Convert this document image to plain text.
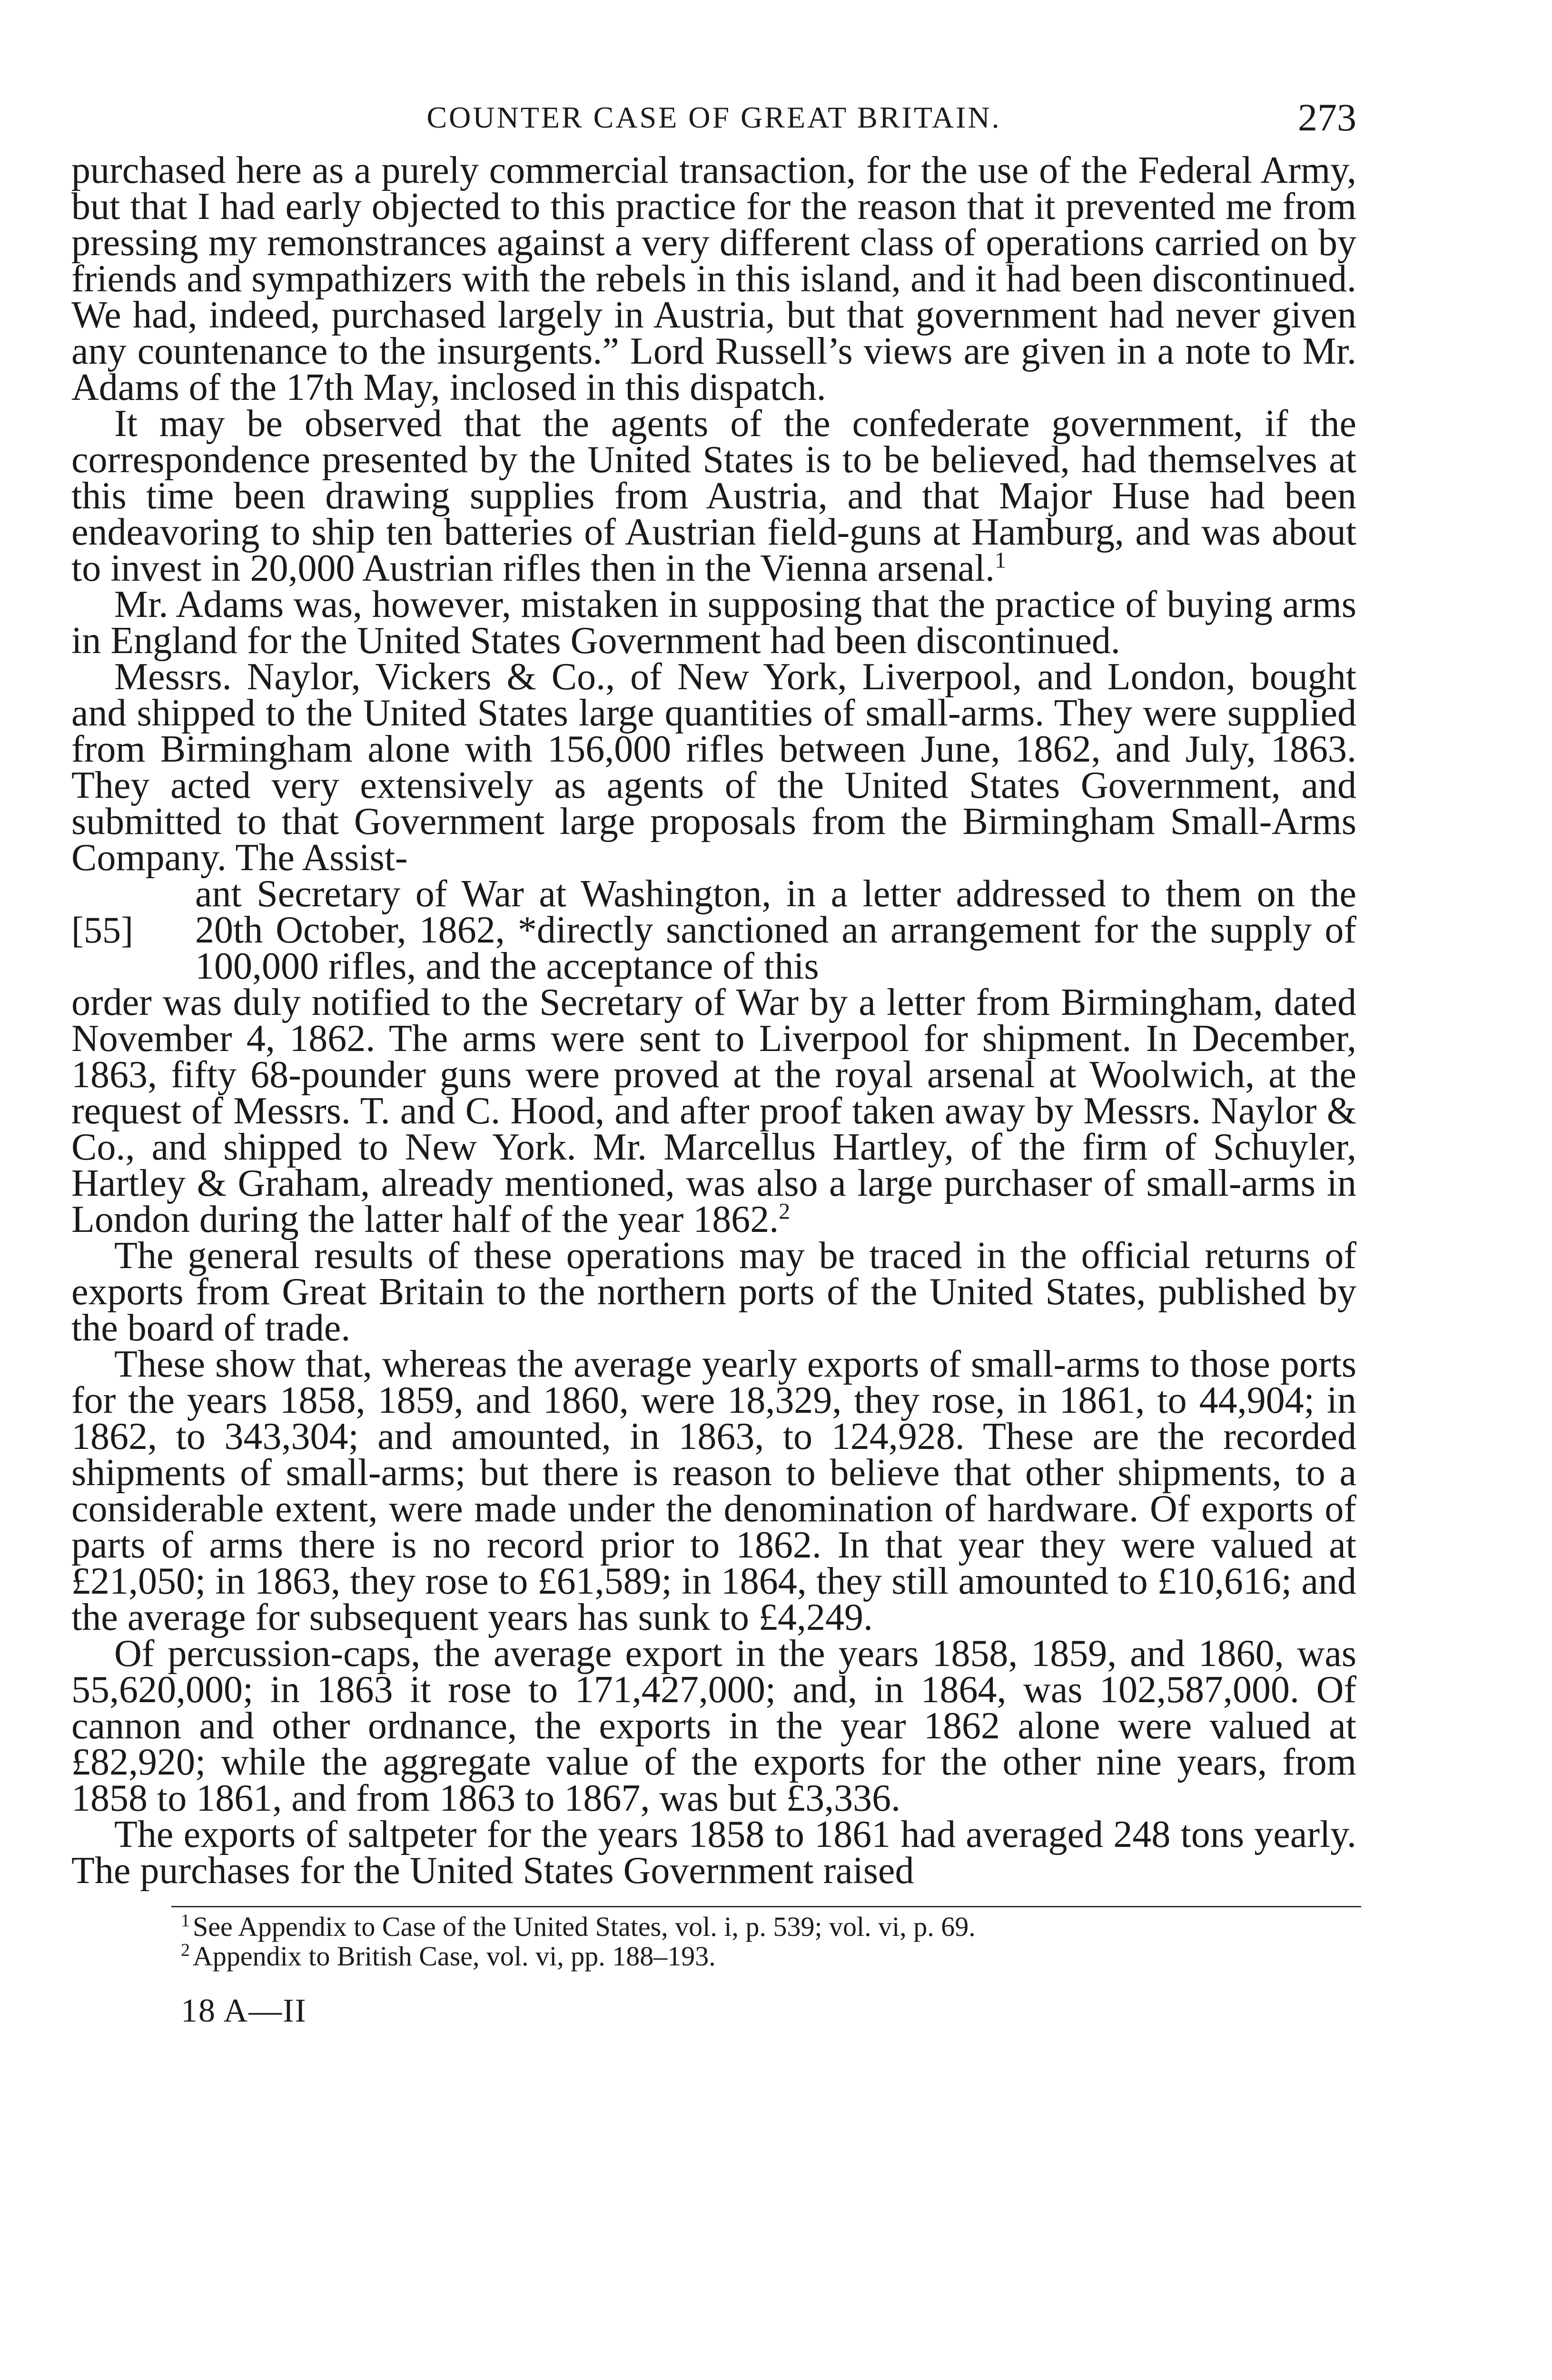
COUNTER CASE OF GREAT BRITAIN.	273

purchased here as a purely commercial transaction, for the use of the Federal Army, but that I had early objected to this practice for the reason that it prevented me from pressing my remonstrances against a very different class of operations carried on by friends and sympathizers with the rebels in this island, and it had been discontinued. We had, indeed, purchased largely in Austria, but that government had never given any countenance to the insurgents.” Lord Russell’s views are given in a note to Mr. Adams of the 17th May, inclosed in this dispatch.

It may be observed that the agents of the confederate government, if the correspondence presented by the United States is to be believed, had themselves at this time been drawing supplies from Austria, and that Major Huse had been endeavoring to ship ten batteries of Austrian field-guns at Hamburg, and was about to invest in 20,000 Austrian rifles then in the Vienna arsenal.$^1$

Mr. Adams was, however, mistaken in supposing that the practice of buying arms in England for the United States Government had been discontinued.

Messrs. Naylor, Vickers & Co., of New York, Liverpool, and London, bought and shipped to the United States large quantities of small-arms. They were supplied from Birmingham alone with 156,000 rifles between June, 1862, and July, 1863. They acted very extensively as agents of the United States Government, and submitted to that Government large proposals from the Birmingham Small-Arms Company. The Assist-

[55]
ant Secretary of War at Washington, in a letter addressed to them on the 20th October, 1862, *directly sanctioned an arrangement for the supply of 100,000 rifles, and the acceptance of this

order was duly notified to the Secretary of War by a letter from Birmingham, dated November 4, 1862. The arms were sent to Liverpool for shipment. In December, 1863, fifty 68-pounder guns were proved at the royal arsenal at Woolwich, at the request of Messrs. T. and C. Hood, and after proof taken away by Messrs. Naylor & Co., and shipped to New York. Mr. Marcellus Hartley, of the firm of Schuyler, Hartley & Graham, already mentioned, was also a large purchaser of small-arms in London during the latter half of the year 1862.$^2$

The general results of these operations may be traced in the official returns of exports from Great Britain to the northern ports of the United States, published by the board of trade.

These show that, whereas the average yearly exports of small-arms to those ports for the years 1858, 1859, and 1860, were 18,329, they rose, in 1861, to 44,904; in 1862, to 343,304; and amounted, in 1863, to 124,928. These are the recorded shipments of small-arms; but there is reason to believe that other shipments, to a considerable extent, were made under the denomination of hardware. Of exports of parts of arms there is no record prior to 1862. In that year they were valued at £21,050; in 1863, they rose to £61,589; in 1864, they still amounted to £10,616; and the average for subsequent years has sunk to £4,249.

Of percussion-caps, the average export in the years 1858, 1859, and 1860, was 55,620,000; in 1863 it rose to 171,427,000; and, in 1864, was 102,587,000. Of cannon and other ordnance, the exports in the year 1862 alone were valued at £82,920; while the aggregate value of the exports for the other nine years, from 1858 to 1861, and from 1863 to 1867, was but £3,336.

The exports of saltpeter for the years 1858 to 1861 had averaged 248 tons yearly. The purchases for the United States Government raised

$^1$ See Appendix to Case of the United States, vol. i, p. 539; vol. vi, p. 69.

$^2$ Appendix to British Case, vol. vi, pp. 188–193.

18 A—II
